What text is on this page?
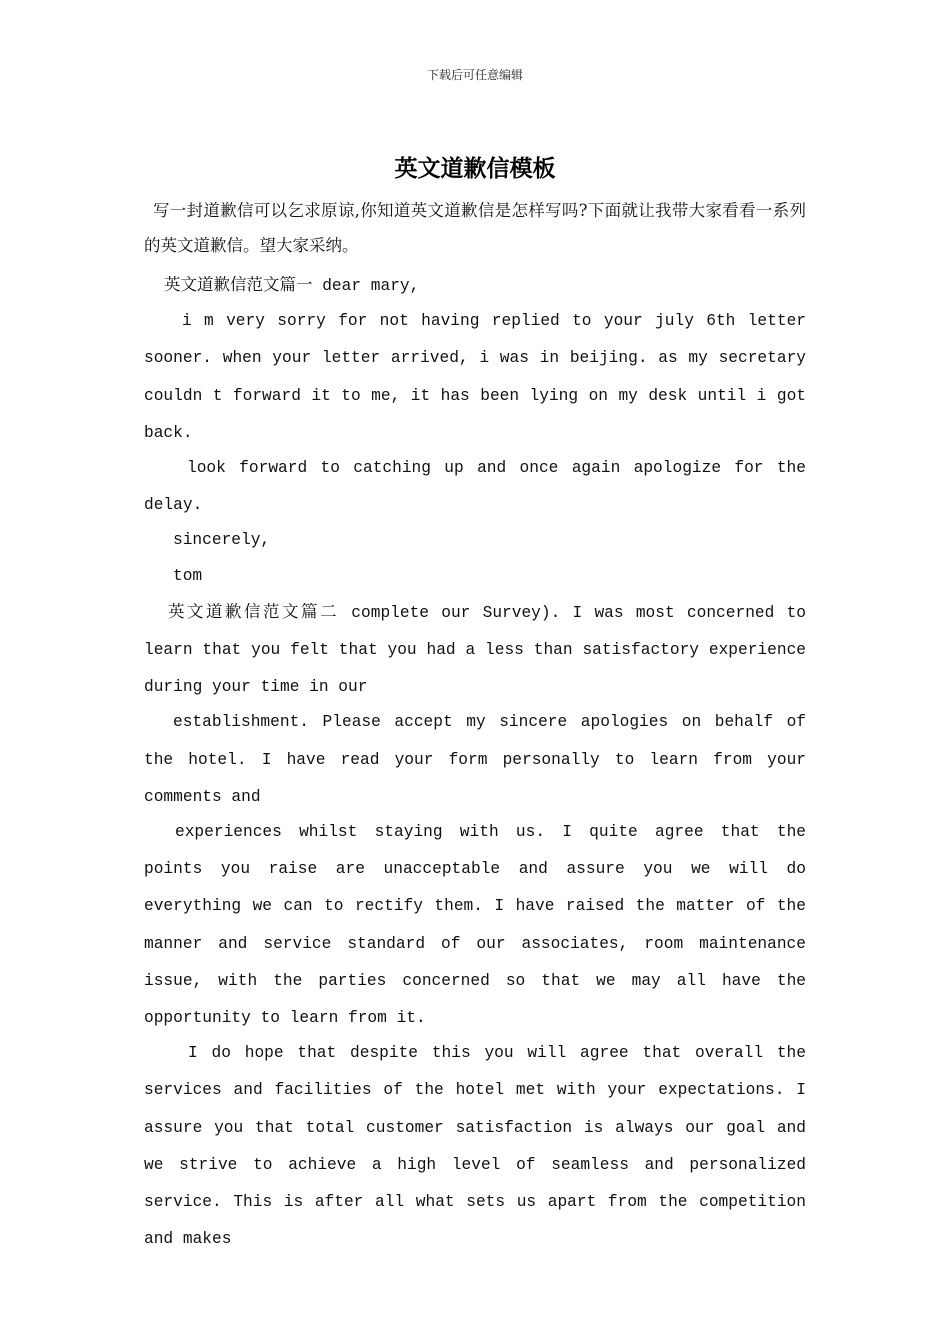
下载后可任意编辑
英文道歉信模板

写一封道歉信可以乞求原谅,你知道英文道歉信是怎样写吗?下面就让我带大家看看一系列的英文道歉信。望大家采纳。

英文道歉信范文篇一 dear mary,

i m very sorry for not having replied to your july 6th letter sooner. when your letter arrived, i was in beijing. as my secretary couldn t forward it to me, it has been lying on my desk until i got back.

look forward to catching up and once again apologize for the delay.

sincerely,

tom

英文道歉信范文篇二 complete our Survey). I was most concerned to learn that you felt that you had a less than satisfactory experience during your time in our

establishment. Please accept my sincere apologies on behalf of the hotel. I have read your form personally to learn from your comments and

experiences whilst staying with us. I quite agree that the points you raise are unacceptable and assure you we will do everything we can to rectify them. I have raised the matter of the manner and service standard of our associates, room maintenance issue, with the parties concerned so that we may all have the opportunity to learn from it.

I do hope that despite this you will agree that overall the services and facilities of the hotel met with your expectations. I assure you that total customer satisfaction is always our goal and we strive to achieve a high level of seamless and personalized service. This is after all what sets us apart from the competition and makes
